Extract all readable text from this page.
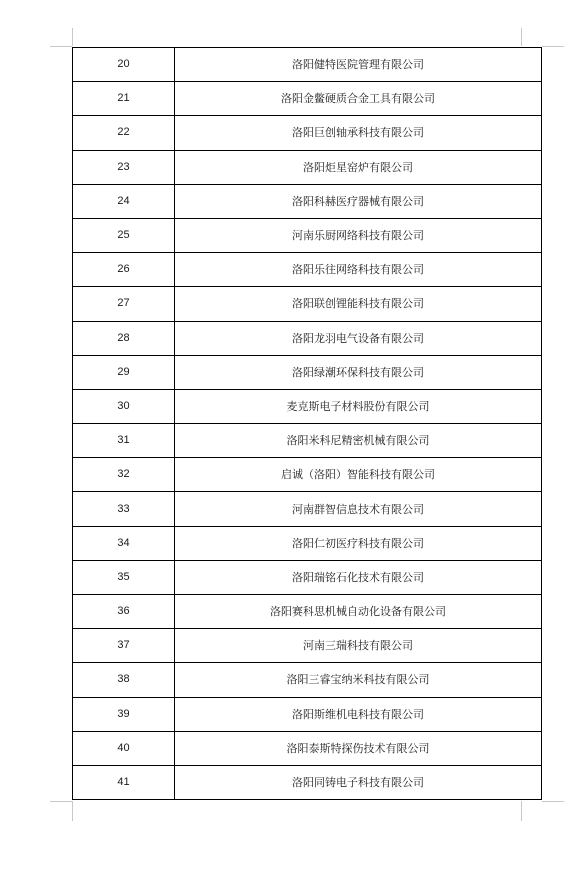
20	洛阳健特医院管理有限公司
21	洛阳金鳖硬质合金工具有限公司
22	洛阳巨创轴承科技有限公司
23	洛阳炬星窑炉有限公司
24	洛阳科赫医疗器械有限公司
25	河南乐厨网络科技有限公司
26	洛阳乐往网络科技有限公司
27	洛阳联创锂能科技有限公司
28	洛阳龙羽电气设备有限公司
29	洛阳绿潮环保科技有限公司
30	麦克斯电子材料股份有限公司
31	洛阳米科尼精密机械有限公司
32	启诚（洛阳）智能科技有限公司
33	河南群智信息技术有限公司
34	洛阳仁初医疗科技有限公司
35	洛阳瑞铭石化技术有限公司
36	洛阳赛科思机械自动化设备有限公司
37	河南三瑞科技有限公司
38	洛阳三睿宝纳米科技有限公司
39	洛阳斯维机电科技有限公司
40	洛阳泰斯特探伤技术有限公司
41	洛阳同铸电子科技有限公司
